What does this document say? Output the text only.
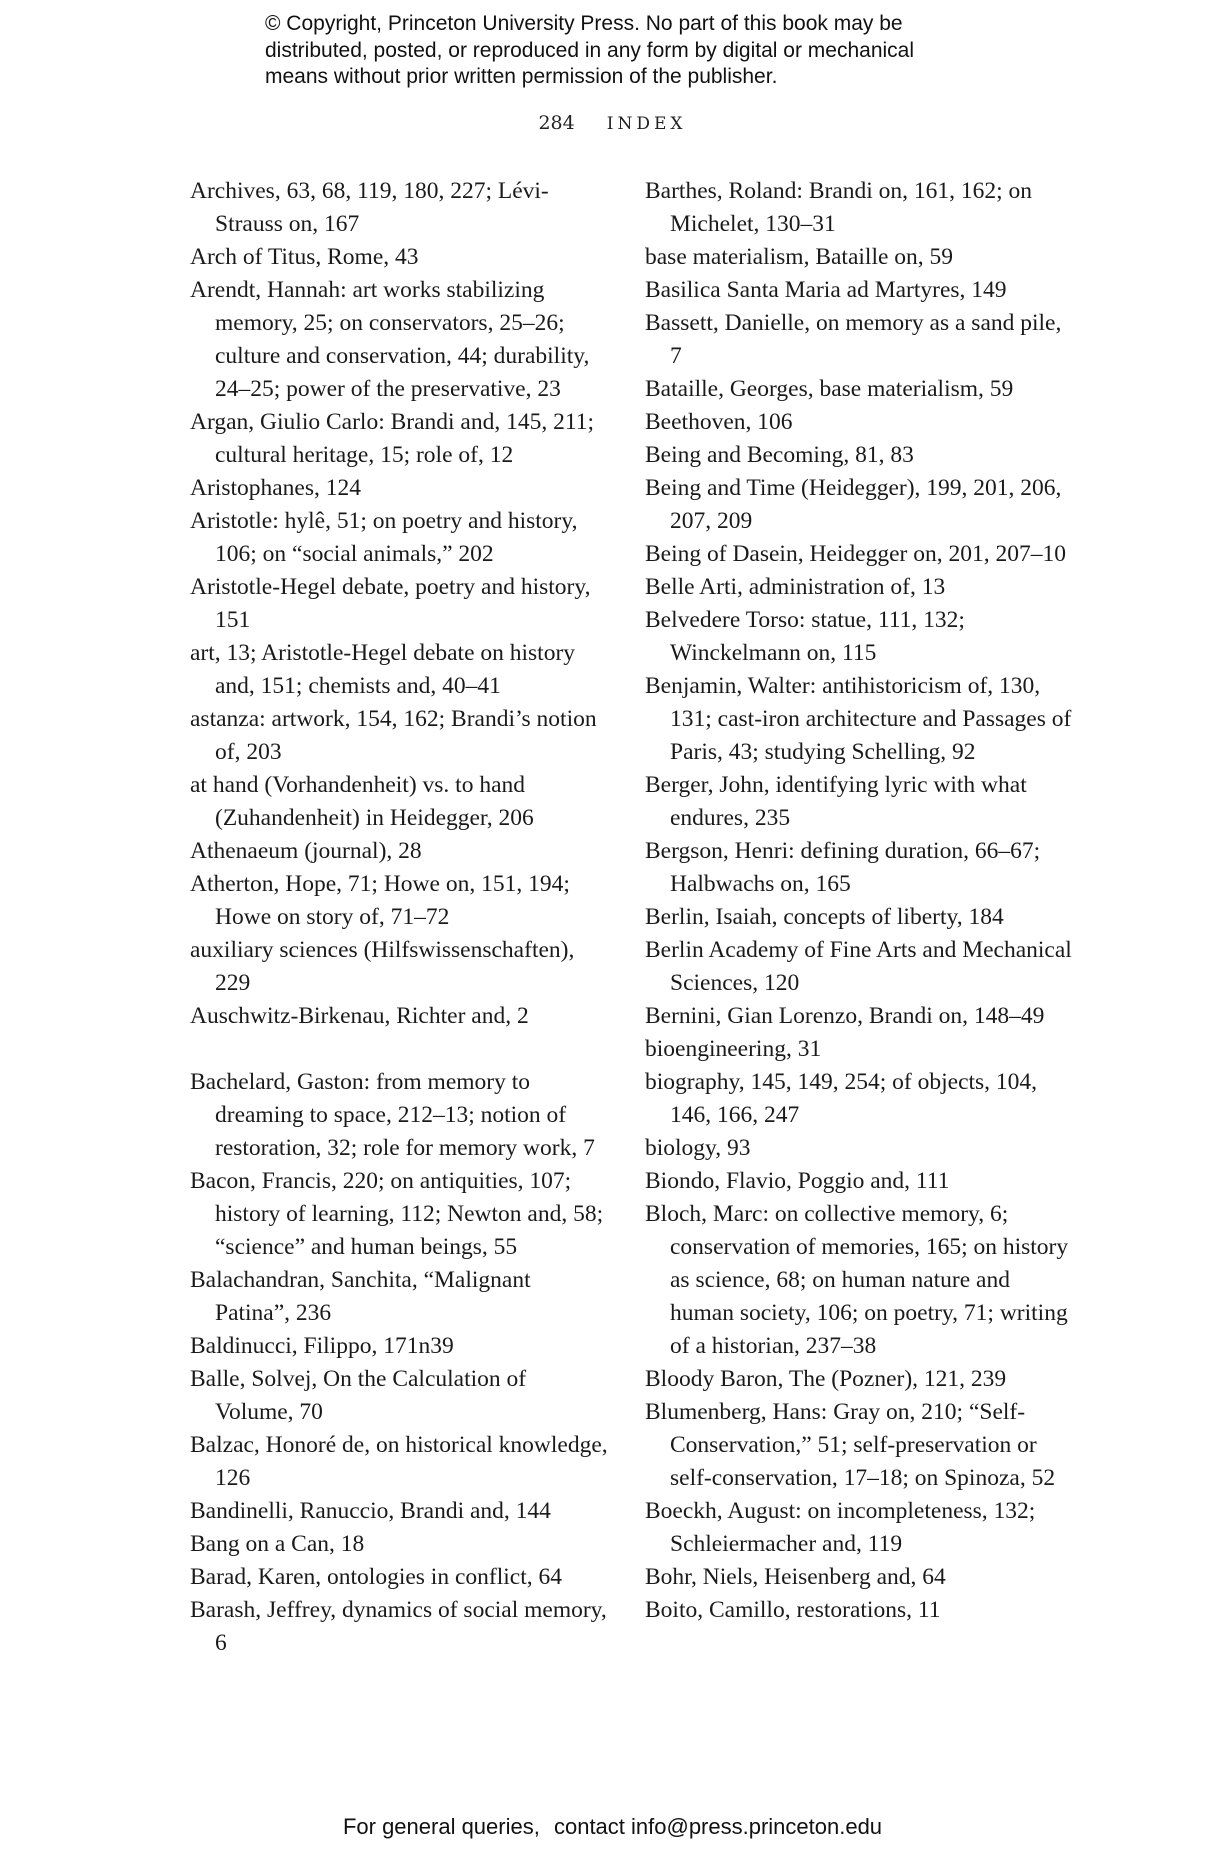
© Copyright, Princeton University Press. No part of this book may be
distributed, posted, or reproduced in any form by digital or mechanical
means without prior written permission of the publisher.
284 INDEX

Archives, 63, 68, 119, 180, 227; Lévi-Strauss on, 167

Arch of Titus, Rome, 43

Arendt, Hannah: art works stabilizing memory, 25; on conservators, 25–26; culture and conservation, 44; durability, 24–25; power of the preservative, 23

Argan, Giulio Carlo: Brandi and, 145, 211; cultural heritage, 15; role of, 12

Aristophanes, 124

Aristotle: hylê, 51; on poetry and history, 106; on “social animals,” 202

Aristotle-Hegel debate, poetry and history, 151

art, 13; Aristotle-Hegel debate on history and, 151; chemists and, 40–41

astanza: artwork, 154, 162; Brandi’s notion of, 203

at hand (Vorhandenheit) vs. to hand (Zuhandenheit) in Heidegger, 206

Athenaeum (journal), 28

Atherton, Hope, 71; Howe on, 151, 194; Howe on story of, 71–72

auxiliary sciences (Hilfswissenschaften), 229

Auschwitz-Birkenau, Richter and, 2

Bachelard, Gaston: from memory to dreaming to space, 212–13; notion of restoration, 32; role for memory work, 7

Bacon, Francis, 220; on antiquities, 107; history of learning, 112; Newton and, 58; “science” and human beings, 55

Balachandran, Sanchita, “Malignant Patina”, 236

Baldinucci, Filippo, 171n39

Balle, Solvej, On the Calculation of Volume, 70

Balzac, Honoré de, on historical knowledge, 126

Bandinelli, Ranuccio, Brandi and, 144

Bang on a Can, 18

Barad, Karen, ontologies in conflict, 64

Barash, Jeffrey, dynamics of social memory, 6

Barthes, Roland: Brandi on, 161, 162; on Michelet, 130–31

base materialism, Bataille on, 59

Basilica Santa Maria ad Martyres, 149

Bassett, Danielle, on memory as a sand pile, 7

Bataille, Georges, base materialism, 59

Beethoven, 106

Being and Becoming, 81, 83

Being and Time (Heidegger), 199, 201, 206, 207, 209

Being of Dasein, Heidegger on, 201, 207–10

Belle Arti, administration of, 13

Belvedere Torso: statue, 111, 132; Winckelmann on, 115

Benjamin, Walter: antihistoricism of, 130, 131; cast-iron architecture and Passages of Paris, 43; studying Schelling, 92

Berger, John, identifying lyric with what endures, 235

Bergson, Henri: defining duration, 66–67; Halbwachs on, 165

Berlin, Isaiah, concepts of liberty, 184

Berlin Academy of Fine Arts and Mechanical Sciences, 120

Bernini, Gian Lorenzo, Brandi on, 148–49

bioengineering, 31

biography, 145, 149, 254; of objects, 104, 146, 166, 247

biology, 93

Biondo, Flavio, Poggio and, 111

Bloch, Marc: on collective memory, 6; conservation of memories, 165; on history as science, 68; on human nature and human society, 106; on poetry, 71; writing of a historian, 237–38

Bloody Baron, The (Pozner), 121, 239

Blumenberg, Hans: Gray on, 210; “Self-Conservation,” 51; self-preservation or self-conservation, 17–18; on Spinoza, 52

Boeckh, August: on incompleteness, 132; Schleiermacher and, 119

Bohr, Niels, Heisenberg and, 64

Boito, Camillo, restorations, 11

For general queries, contact info@press.princeton.edu
